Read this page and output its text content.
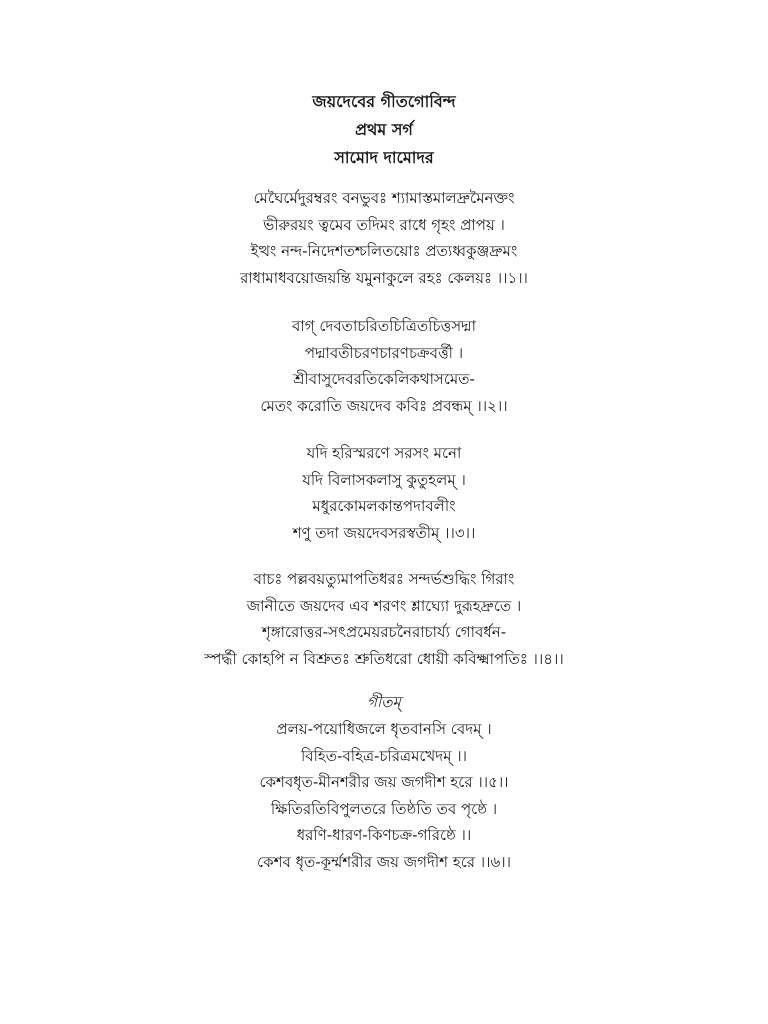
জয়দেবের গীতগোবিন্দ
প্রথম সর্গ
সামোদ দামোদর
মেঘৈর্মেদুরম্বরং বনভুবঃ শ্যামাস্তমালদ্রুমৈনক্তং
ভীরুরয়ং ত্বমেব তদিমং রাধে গৃহং প্রাপয় ।
ইত্থং নন্দ-নিদেশতশ্চলিতয়োঃ প্রত্যধ্বকুঞ্জদ্রুমং
রাধামাধবয়োজয়ন্তি যমুনাকুলে রহঃ কেলয়ঃ ।।১।।
বাগ্ দেবতাচরিতচিত্রিতচিত্তসদ্মা
পদ্মাবতীচরণচারণচক্রবর্ত্তী ।
শ্রীবাসুদেবরতিকেলিকথাসমেত-
মেতং করোতি জয়দেব কবিঃ প্রবন্ধম্ ।।২।।
যদি হরিস্মরণে সরসং মনো
যদি বিলাসকলাসু কুতুহলম্ ।
মধুরকোমলকান্তপদাবলীং
শণু তদা জয়দেবসরস্বতীম্ ।।৩।।
বাচঃ পল্লবয়ত্যুমাপতিধরঃ সন্দর্ভশুদ্ধিং গিরাং
জানীতে জয়দেব এব শরণং শ্লাঘ্যো দুরূহদ্রুতে ।
শৃঙ্গারোত্তর-সৎপ্রমেয়রচনৈরাচার্য্য গোবর্ধন-
স্পর্দ্ধী কোহপি ন বিশ্রুতঃ শ্রুতিধরো ধোয়ী কবিক্ষ্মাপতিঃ ।।৪।।
গীতম্
প্রলয়-পয়োধিজলে ধৃতবানসি বেদম্ ।
বিহিত-বহিত্র-চরিত্রমখেদম্ ।।
কেশবধৃত-মীনশরীর জয় জগদীশ হরে ।।৫।।
ক্ষিতিরতিবিপুলতরে তিষ্ঠতি তব পৃষ্ঠে ।
ধরণি-ধারণ-কিণচক্র-গরিষ্ঠে ।।
কেশব ধৃত-কূর্ম্মশরীর জয় জগদীশ হরে ।।৬।।
